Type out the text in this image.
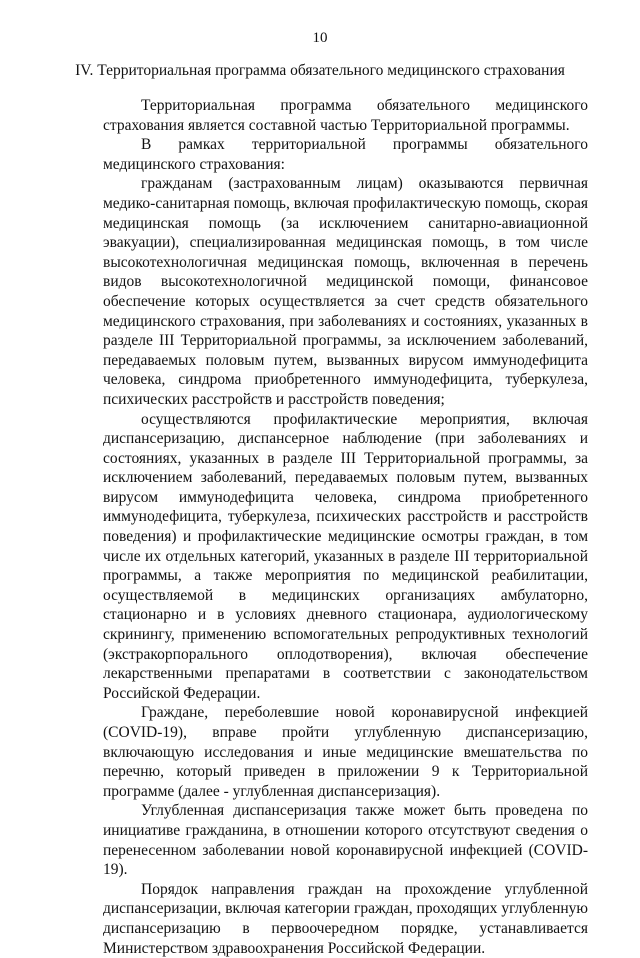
10
IV. Территориальная программа обязательного медицинского страхования

Территориальная программа обязательного медицинского страхования является составной частью Территориальной программы.

В рамках территориальной программы обязательного медицинского страхования:

гражданам (застрахованным лицам) оказываются первичная медико-санитарная помощь, включая профилактическую помощь, скорая медицинская помощь (за исключением санитарно-авиационной эвакуации), специализированная медицинская помощь, в том числе высокотехнологичная медицинская помощь, включенная в перечень видов высокотехнологичной медицинской помощи, финансовое обеспечение которых осуществляется за счет средств обязательного медицинского страхования, при заболеваниях и состояниях, указанных в разделе III Территориальной программы, за исключением заболеваний, передаваемых половым путем, вызванных вирусом иммунодефицита человека, синдрома приобретенного иммунодефицита, туберкулеза, психических расстройств и расстройств поведения;

осуществляются профилактические мероприятия, включая диспансеризацию, диспансерное наблюдение (при заболеваниях и состояниях, указанных в разделе III Территориальной программы, за исключением заболеваний, передаваемых половым путем, вызванных вирусом иммунодефицита человека, синдрома приобретенного иммунодефицита, туберкулеза, психических расстройств и расстройств поведения) и профилактические медицинские осмотры граждан, в том числе их отдельных категорий, указанных в разделе III территориальной программы, а также мероприятия по медицинской реабилитации, осуществляемой в медицинских организациях амбулаторно, стационарно и в условиях дневного стационара, аудиологическому скринингу, применению вспомогательных репродуктивных технологий (экстракорпорального оплодотворения), включая обеспечение лекарственными препаратами в соответствии с законодательством Российской Федерации.

Граждане, переболевшие новой коронавирусной инфекцией (COVID-19), вправе пройти углубленную диспансеризацию, включающую исследования и иные медицинские вмешательства по перечню, который приведен в приложении 9 к Территориальной программе (далее - углубленная диспансеризация).

Углубленная диспансеризация также может быть проведена по инициативе гражданина, в отношении которого отсутствуют сведения о перенесенном заболевании новой коронавирусной инфекцией (COVID-19).

Порядок направления граждан на прохождение углубленной диспансеризации, включая категории граждан, проходящих углубленную диспансеризацию в первоочередном порядке, устанавливается Министерством здравоохранения Российской Федерации.
